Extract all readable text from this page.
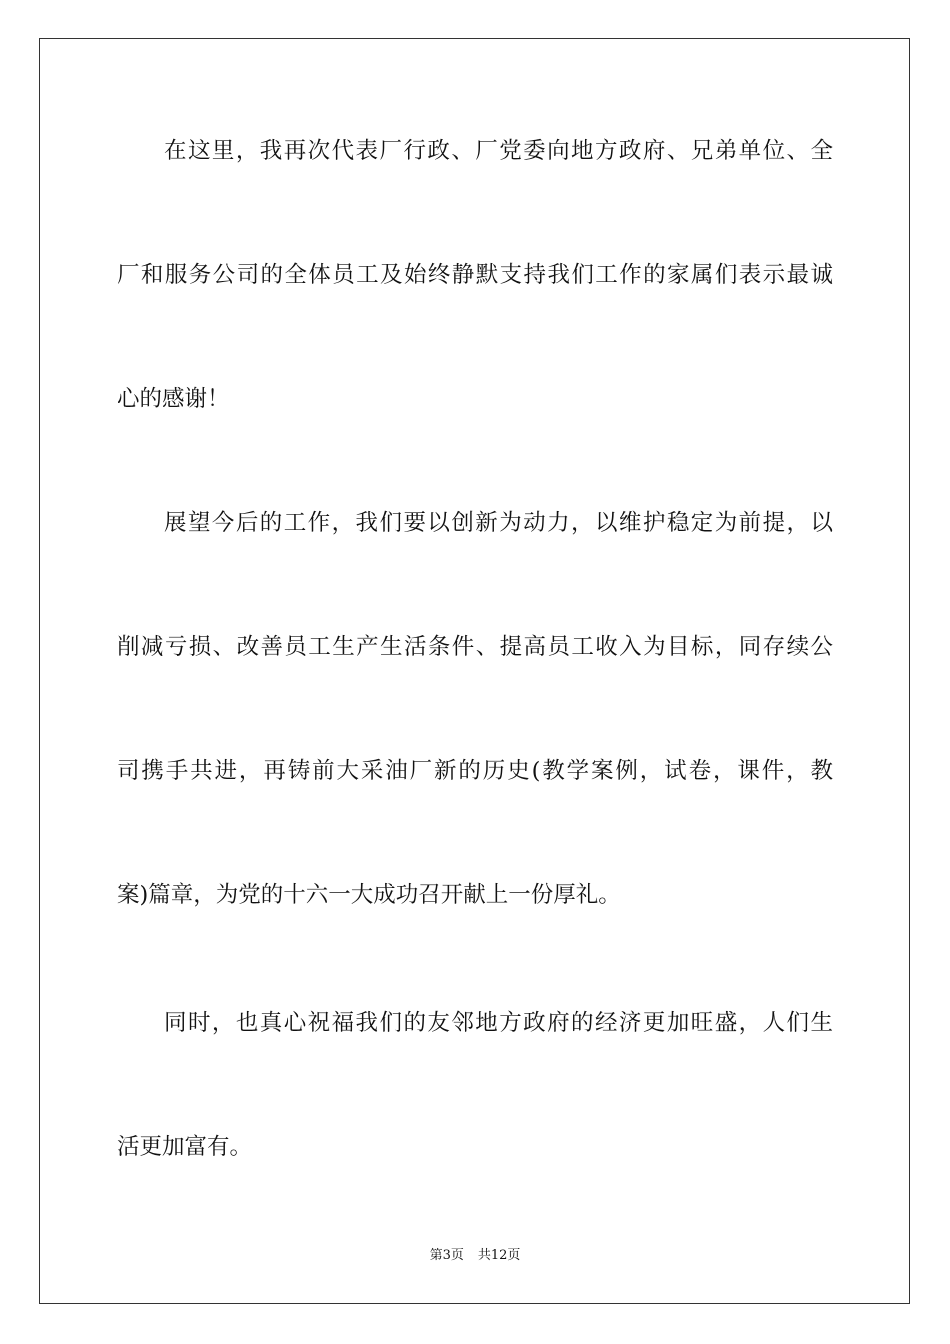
在这里，我再次代表厂行政、厂党委向地方政府、兄弟单位、全

厂和服务公司的全体员工及始终静默支持我们工作的家属们表示最诚

心的感谢！

展望今后的工作，我们要以创新为动力，以维护稳定为前提，以

削减亏损、改善员工生产生活条件、提高员工收入为目标，同存续公

司携手共进，再铸前大采油厂新的历史(教学案例，试卷，课件，教

案)篇章，为党的十六一大成功召开献上一份厚礼。

同时，也真心祝福我们的友邻地方政府的经济更加旺盛，人们生

活更加富有。

第3页 共12页
